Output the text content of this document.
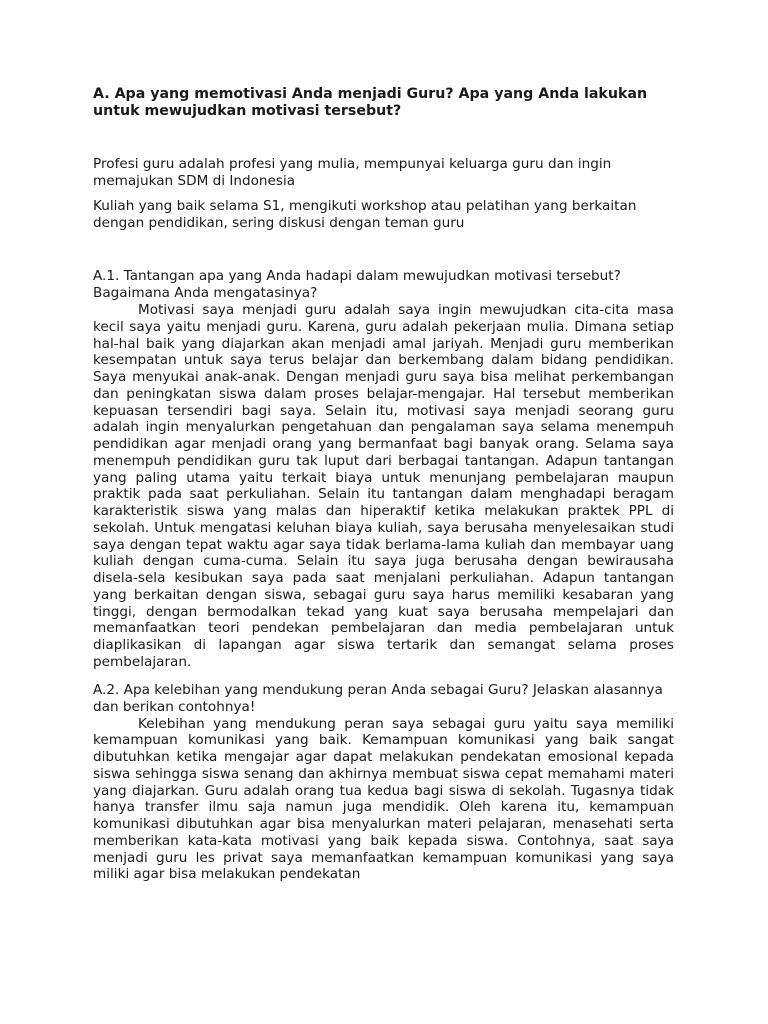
A. Apa yang memotivasi Anda menjadi Guru? Apa yang Anda lakukan untuk mewujudkan motivasi tersebut?

Profesi guru adalah profesi yang mulia, mempunyai keluarga guru dan ingin memajukan SDM di Indonesia

Kuliah yang baik selama S1, mengikuti workshop atau pelatihan yang berkaitan dengan pendidikan, sering diskusi dengan teman guru

A.1. Tantangan apa yang Anda hadapi dalam mewujudkan motivasi tersebut? Bagaimana Anda mengatasinya?

Motivasi saya menjadi guru adalah saya ingin mewujudkan cita-cita masa kecil saya yaitu menjadi guru. Karena, guru adalah pekerjaan mulia. Dimana setiap hal-hal baik yang diajarkan akan menjadi amal jariyah. Menjadi guru memberikan kesempatan untuk saya terus belajar dan berkembang dalam bidang pendidikan. Saya menyukai anak-anak. Dengan menjadi guru saya bisa melihat perkembangan dan peningkatan siswa dalam proses belajar-mengajar. Hal tersebut memberikan kepuasan tersendiri bagi saya. Selain itu, motivasi saya menjadi seorang guru adalah ingin menyalurkan pengetahuan dan pengalaman saya selama menempuh pendidikan agar menjadi orang yang bermanfaat bagi banyak orang. Selama saya menempuh pendidikan guru tak luput dari berbagai tantangan. Adapun tantangan yang paling utama yaitu terkait biaya untuk menunjang pembelajaran maupun praktik pada saat perkuliahan. Selain itu tantangan dalam menghadapi beragam karakteristik siswa yang malas dan hiperaktif ketika melakukan praktek PPL di sekolah. Untuk mengatasi keluhan biaya kuliah, saya berusaha menyelesaikan studi saya dengan tepat waktu agar saya tidak berlama-lama kuliah dan membayar uang kuliah dengan cuma-cuma. Selain itu saya juga berusaha dengan bewirausaha disela-sela kesibukan saya pada saat menjalani perkuliahan. Adapun tantangan yang berkaitan dengan siswa, sebagai guru saya harus memiliki kesabaran yang tinggi, dengan bermodalkan tekad yang kuat saya berusaha mempelajari dan memanfaatkan teori pendekan pembelajaran dan media pembelajaran untuk diaplikasikan di lapangan agar siswa tertarik dan semangat selama proses pembelajaran.

A.2. Apa kelebihan yang mendukung peran Anda sebagai Guru? Jelaskan alasannya dan berikan contohnya!

Kelebihan yang mendukung peran saya sebagai guru yaitu saya memiliki kemampuan komunikasi yang baik. Kemampuan komunikasi yang baik sangat dibutuhkan ketika mengajar agar dapat melakukan pendekatan emosional kepada siswa sehingga siswa senang dan akhirnya membuat siswa cepat memahami materi yang diajarkan. Guru adalah orang tua kedua bagi siswa di sekolah. Tugasnya tidak hanya transfer ilmu saja namun juga mendidik. Oleh karena itu, kemampuan komunikasi dibutuhkan agar bisa menyalurkan materi pelajaran, menasehati serta memberikan kata-kata motivasi yang baik kepada siswa. Contohnya, saat saya menjadi guru les privat saya memanfaatkan kemampuan komunikasi yang saya miliki agar bisa melakukan pendekatan
